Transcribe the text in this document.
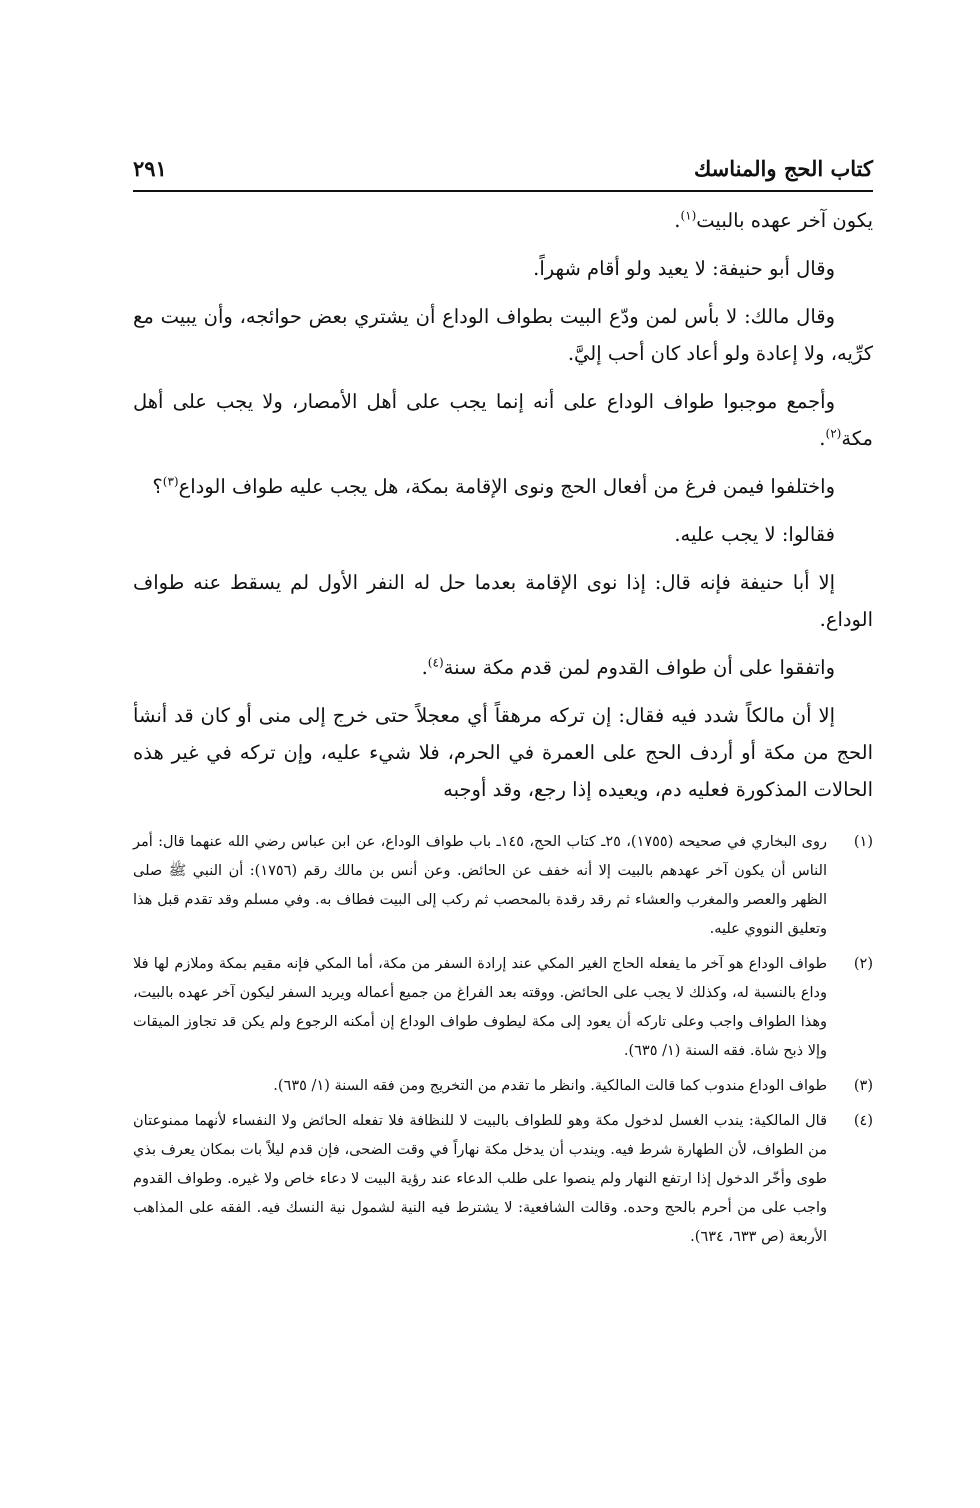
كتاب الحج والمناسك
٢٩١

يكون آخر عهده بالبيت$^{(١)}$.

وقال أبو حنيفة: لا يعيد ولو أقام شهراً.

وقال مالك: لا بأس لمن ودّع البيت بطواف الوداع أن يشتري بعض حوائجه، وأن يبيت مع كرِّيه، ولا إعادة ولو أعاد كان أحب إليَّ.

وأجمع موجبوا طواف الوداع على أنه إنما يجب على أهل الأمصار، ولا يجب على أهل مكة$^{(٢)}$.

واختلفوا فيمن فرغ من أفعال الحج ونوى الإقامة بمكة، هل يجب عليه طواف الوداع$^{(٣)}$؟

فقالوا: لا يجب عليه.

إلا أبا حنيفة فإنه قال: إذا نوى الإقامة بعدما حل له النفر الأول لم يسقط عنه طواف الوداع.

واتفقوا على أن طواف القدوم لمن قدم مكة سنة$^{(٤)}$.

إلا أن مالكاً شدد فيه فقال: إن تركه مرهقاً أي معجلاً حتى خرج إلى منى أو كان قد أنشأ الحج من مكة أو أردف الحج على العمرة في الحرم، فلا شيء عليه، وإن تركه في غير هذه الحالات المذكورة فعليه دم، ويعيده إذا رجع، وقد أوجبه

(١)
روى البخاري في صحيحه (١٧٥٥)، ٢٥ـ كتاب الحج، ١٤٥ـ باب طواف الوداع، عن ابن عباس رضي الله عنهما قال: أمر الناس أن يكون آخر عهدهم بالبيت إلا أنه خفف عن الحائض. وعن أنس بن مالك رقم (١٧٥٦): أن النبي ﷺ صلى الظهر والعصر والمغرب والعشاء ثم رقد رقدة بالمحصب ثم ركب إلى البيت فطاف به. وفي مسلم وقد تقدم قبل هذا وتعليق النووي عليه.
(٢)
طواف الوداع هو آخر ما يفعله الحاج الغير المكي عند إرادة السفر من مكة، أما المكي فإنه مقيم بمكة وملازم لها فلا وداع بالنسبة له، وكذلك لا يجب على الحائض. ووقته بعد الفراغ من جميع أعماله ويريد السفر ليكون آخر عهده بالبيت، وهذا الطواف واجب وعلى تاركه أن يعود إلى مكة ليطوف طواف الوداع إن أمكنه الرجوع ولم يكن قد تجاوز الميقات وإلا ذبح شاة. فقه السنة (١/ ٦٣٥).
(٣)
طواف الوداع مندوب كما قالت المالكية. وانظر ما تقدم من التخريج ومن فقه السنة (١/ ٦٣٥).
(٤)
قال المالكية: يندب الغسل لدخول مكة وهو للطواف بالبيت لا للنظافة فلا تفعله الحائض ولا النفساء لأنهما ممنوعتان من الطواف، لأن الطهارة شرط فيه. ويندب أن يدخل مكة نهاراً في وقت الضحى، فإن قدم ليلاً بات بمكان يعرف بذي طوى وأخّر الدخول إذا ارتفع النهار ولم ينصوا على طلب الدعاء عند رؤية البيت لا دعاء خاص ولا غيره. وطواف القدوم واجب على من أحرم بالحج وحده. وقالت الشافعية: لا يشترط فيه النية لشمول نية النسك فيه. الفقه على المذاهب الأربعة (ص ٦٣٣، ٦٣٤).
